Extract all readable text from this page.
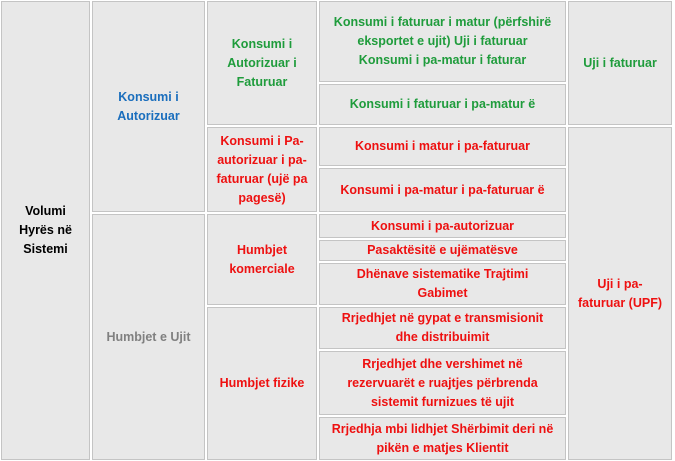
Volumi Hyrës në Sistemi	Konsumi i Autorizuar	Konsumi i Autorizuar i Faturuar	Konsumi i faturuar i matur (përfshirë eksportet e ujit) Uji i faturuar Konsumi i pa-matur i faturar	Uji i faturuar
			Konsumi i faturuar i pa-matur ë	
		Konsumi i Pa-autorizuar i pa-faturuar (ujë pa pagesë)	Konsumi i matur i pa-faturuar	Uji i pa-faturuar (UPF)
			Konsumi i pa-matur i pa-faturuar ë	
	Humbjet e Ujit	Humbjet komerciale	Konsumi i pa-autorizuar	
			Pasaktësitë e ujëmatësve	
			Dhënave sistematike Trajtimi Gabimet	
		Humbjet fizike	Rrjedhjet në gypat e transmisionit dhe distribuimit	
			Rrjedhjet dhe vershimet në rezervuarët e ruajtjes përbrenda sistemit furnizues të ujit	
			Rrjedhja mbi lidhjet Shërbimit deri në pikën e matjes Klientit	
